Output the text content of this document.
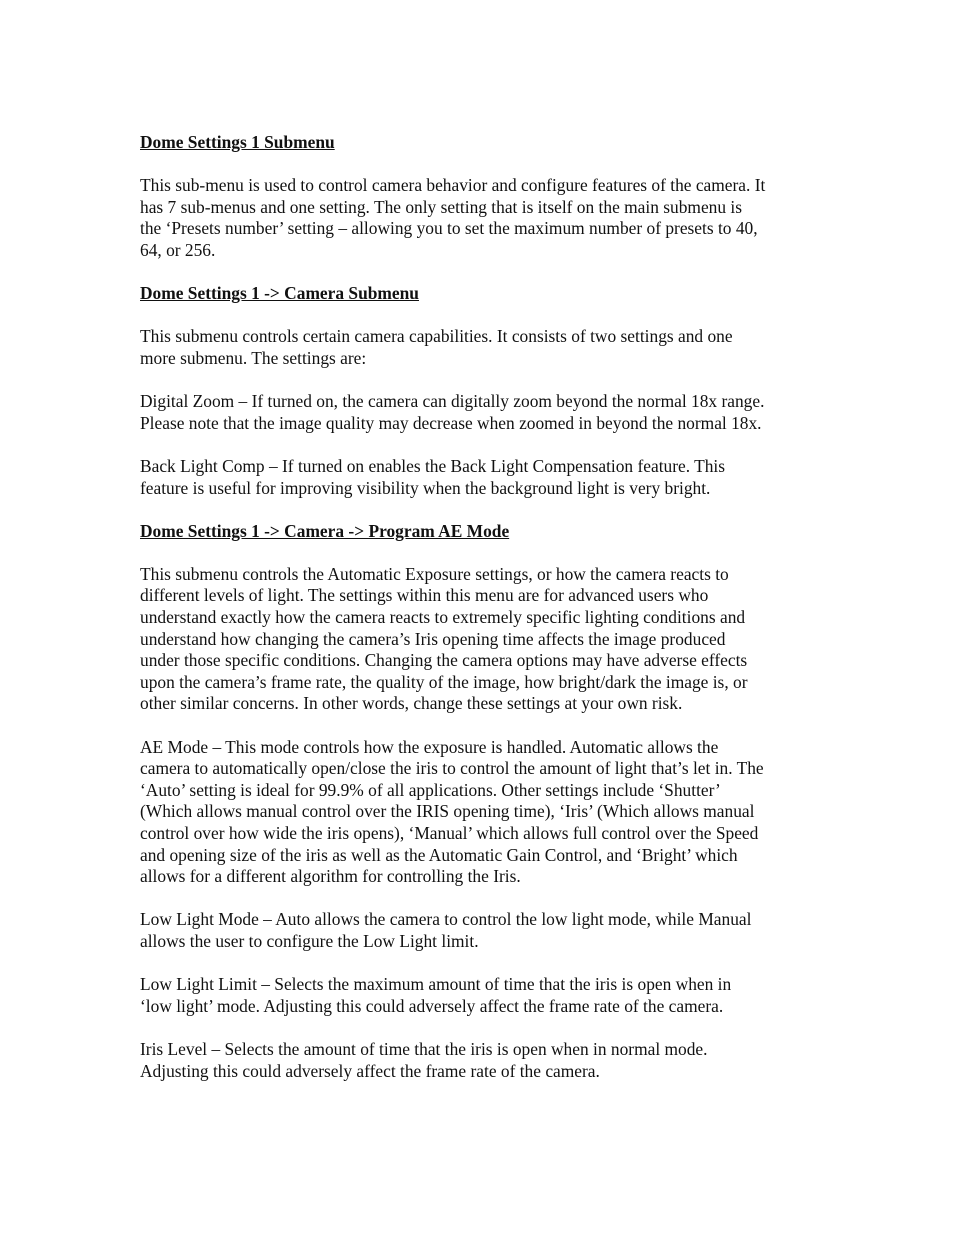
Dome Settings 1 Submenu

This sub-menu is used to control camera behavior and configure features of the camera. It
has 7 sub-menus and one setting. The only setting that is itself on the main submenu is
the ‘Presets number’ setting – allowing you to set the maximum number of presets to 40,
64, or 256.

Dome Settings 1 -> Camera Submenu

This submenu controls certain camera capabilities. It consists of two settings and one
more submenu. The settings are:

Digital Zoom – If turned on, the camera can digitally zoom beyond the normal 18x range.
Please note that the image quality may decrease when zoomed in beyond the normal 18x.

Back Light Comp – If turned on enables the Back Light Compensation feature. This
feature is useful for improving visibility when the background light is very bright.

Dome Settings 1 -> Camera -> Program AE Mode

This submenu controls the Automatic Exposure settings, or how the camera reacts to
different levels of light. The settings within this menu are for advanced users who
understand exactly how the camera reacts to extremely specific lighting conditions and
understand how changing the camera’s Iris opening time affects the image produced
under those specific conditions. Changing the camera options may have adverse effects
upon the camera’s frame rate, the quality of the image, how bright/dark the image is, or
other similar concerns. In other words, change these settings at your own risk.

AE Mode – This mode controls how the exposure is handled. Automatic allows the
camera to automatically open/close the iris to control the amount of light that’s let in. The
‘Auto’ setting is ideal for 99.9% of all applications. Other settings include ‘Shutter’
(Which allows manual control over the IRIS opening time), ‘Iris’ (Which allows manual
control over how wide the iris opens), ‘Manual’ which allows full control over the Speed
and opening size of the iris as well as the Automatic Gain Control, and ‘Bright’ which
allows for a different algorithm for controlling the Iris.

Low Light Mode – Auto allows the camera to control the low light mode, while Manual
allows the user to configure the Low Light limit.

Low Light Limit – Selects the maximum amount of time that the iris is open when in
‘low light’ mode. Adjusting this could adversely affect the frame rate of the camera.

Iris Level – Selects the amount of time that the iris is open when in normal mode.
Adjusting this could adversely affect the frame rate of the camera.
